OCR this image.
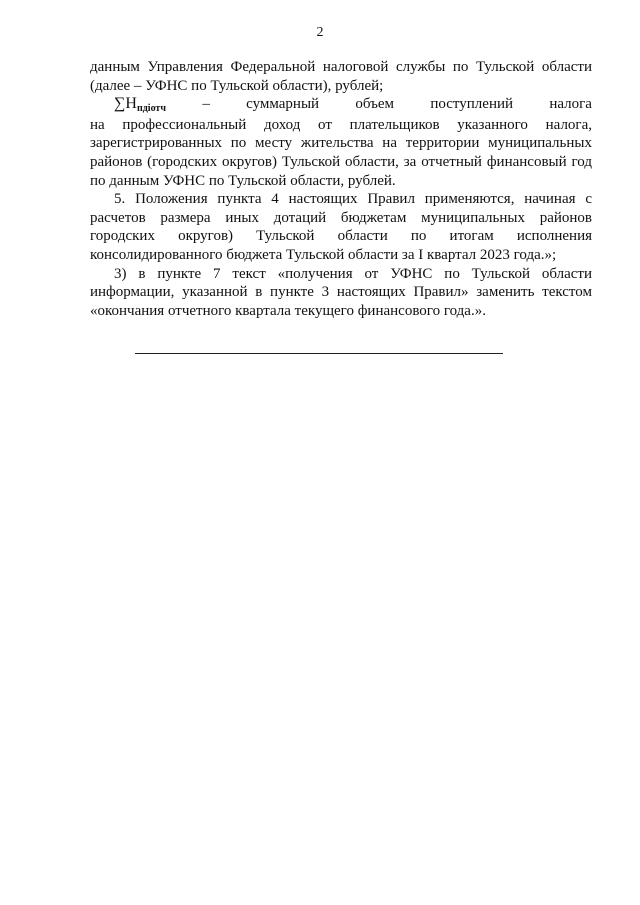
2

данным Управления Федеральной налоговой службы по Тульской области (далее – УФНС по Тульской области), рублей;

$\sum H_{пдiотч}$ – суммарный объем поступлений налога

на профессиональный доход от плательщиков указанного налога, зарегистрированных по месту жительства на территории муниципальных районов (городских округов) Тульской области, за отчетный финансовый год по данным УФНС по Тульской области, рублей.

5. Положения пункта 4 настоящих Правил применяются, начиная с расчетов размера иных дотаций бюджетам муниципальных районов городских округов) Тульской области по итогам исполнения консолидированного бюджета Тульской области за I квартал 2023 года.»;

3) в пункте 7 текст «получения от УФНС по Тульской области информации, указанной в пункте 3 настоящих Правил» заменить текстом «окончания отчетного квартала текущего финансового года.».
